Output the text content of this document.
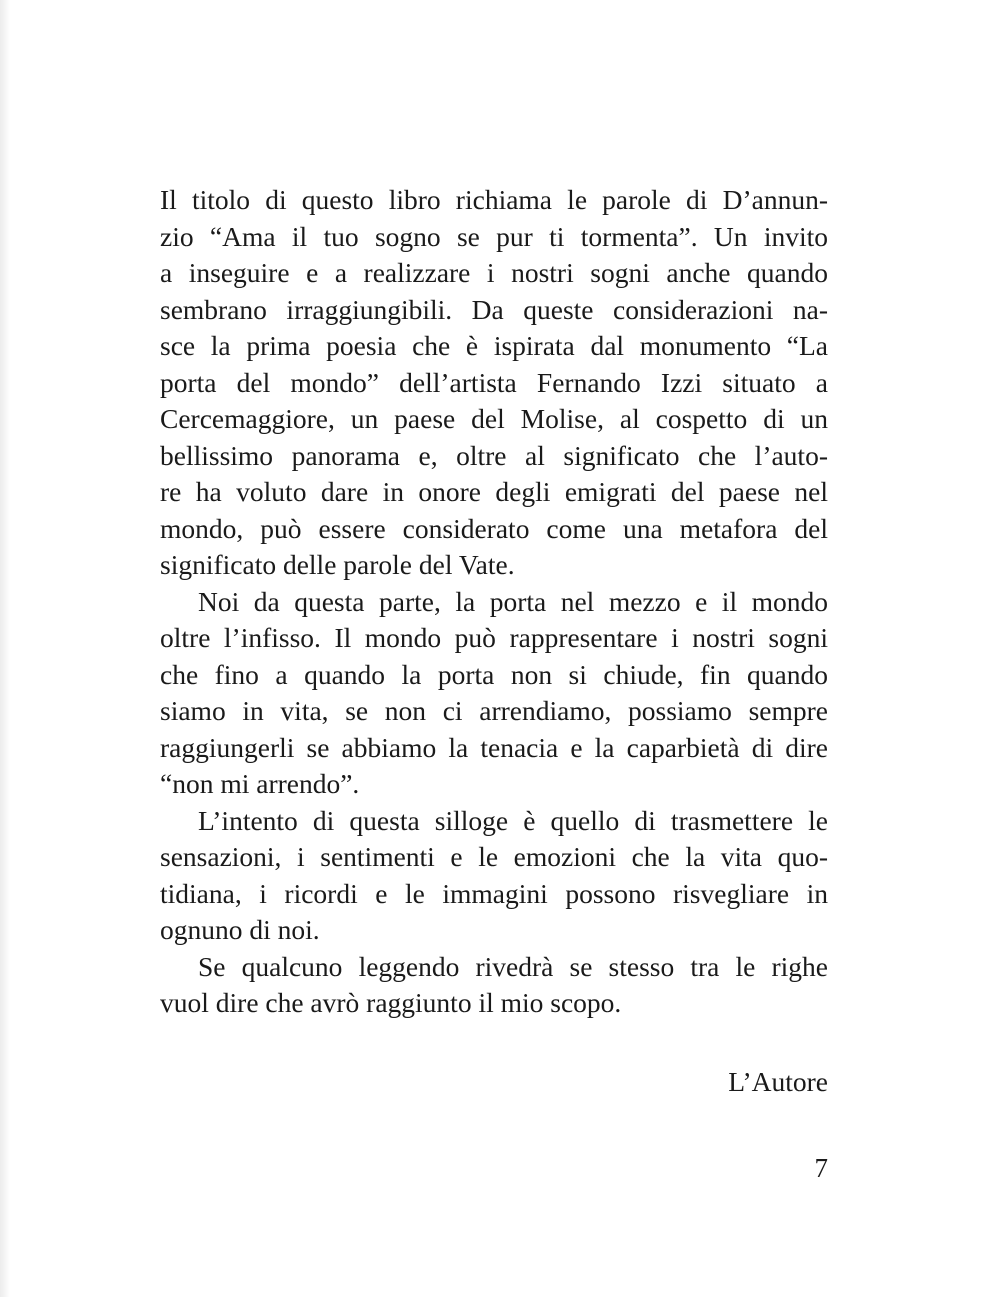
Il titolo di questo libro richiama le parole di D’annun-
zio “Ama il tuo sogno se pur ti tormenta”. Un invito
a inseguire e a realizzare i nostri sogni anche quando
sembrano irraggiungibili. Da queste considerazioni na-
sce la prima poesia che è ispirata dal monumento “La
porta del mondo” dell’artista Fernando Izzi situato a
Cercemaggiore, un paese del Molise, al cospetto di un
bellissimo panorama e, oltre al significato che l’auto-
re ha voluto dare in onore degli emigrati del paese nel
mondo, può essere considerato come una metafora del
significato delle parole del Vate.
Noi da questa parte, la porta nel mezzo e il mondo
oltre l’infisso. Il mondo può rappresentare i nostri sogni
che fino a quando la porta non si chiude, fin quando
siamo in vita, se non ci arrendiamo, possiamo sempre
raggiungerli se abbiamo la tenacia e la caparbietà di dire
“non mi arrendo”.
L’intento di questa silloge è quello di trasmettere le
sensazioni, i sentimenti e le emozioni che la vita quo-
tidiana, i ricordi e le immagini possono risvegliare in
ognuno di noi.
Se qualcuno leggendo rivedrà se stesso tra le righe
vuol dire che avrò raggiunto il mio scopo.
L’Autore
7
